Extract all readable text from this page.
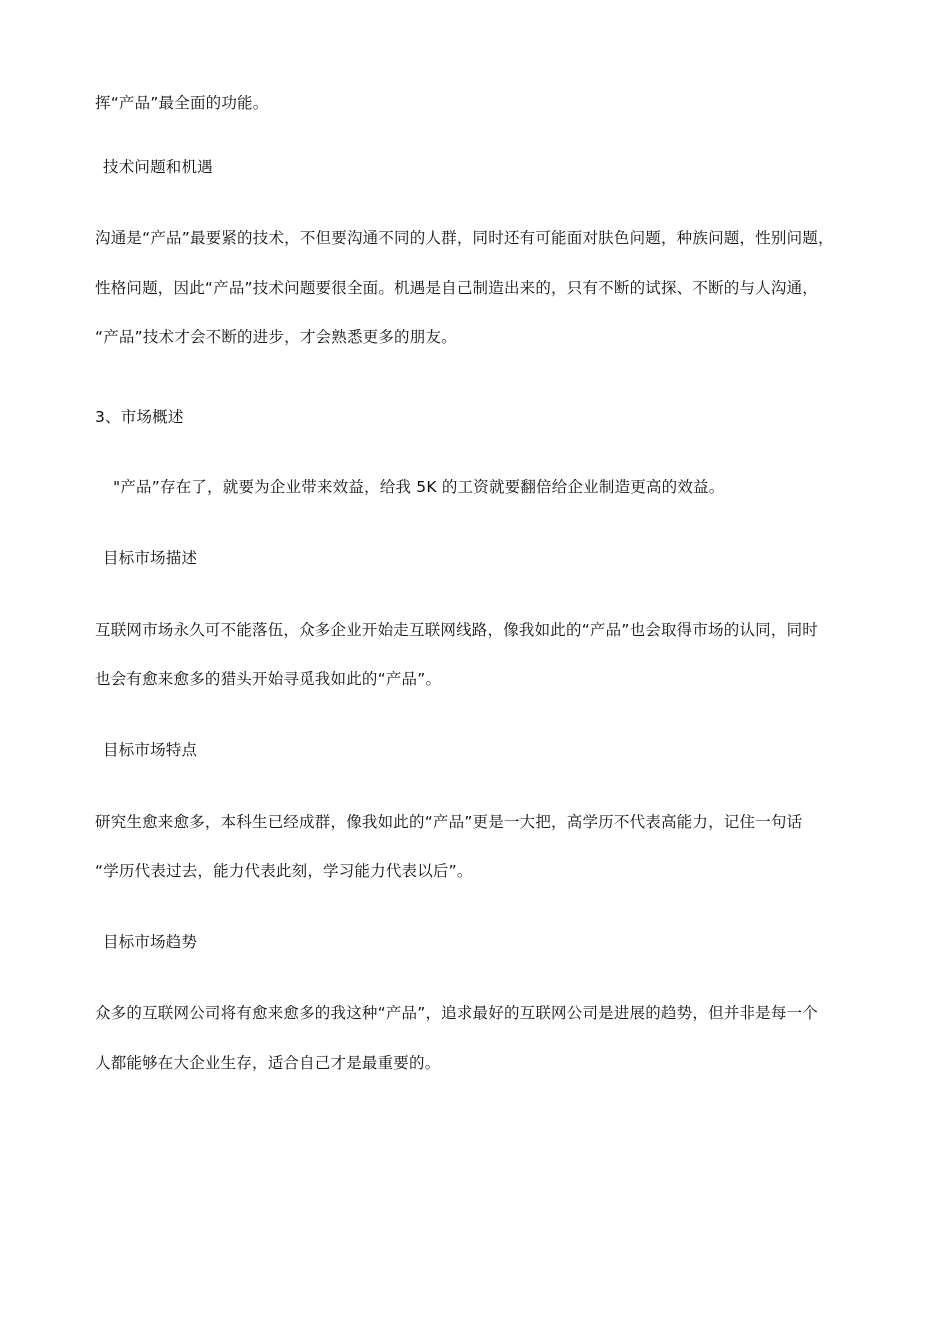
挥“产品”最全面的功能。

技术问题和机遇

沟通是“产品”最要紧的技术，不但要沟通不同的人群，同时还有可能面对肤色问题，种族问题，性别问题，

性格问题，因此“产品”技术问题要很全面。机遇是自己制造出来的，只有不断的试探、不断的与人沟通，

“产品”技术才会不断的进步，才会熟悉更多的朋友。

3、市场概述

"产品”存在了，就要为企业带来效益，给我 5K 的工资就要翻倍给企业制造更高的效益。

目标市场描述

互联网市场永久可不能落伍，众多企业开始走互联网线路，像我如此的“产品”也会取得市场的认同，同时

也会有愈来愈多的猎头开始寻觅我如此的“产品”。

目标市场特点

研究生愈来愈多，本科生已经成群，像我如此的“产品”更是一大把，高学历不代表高能力，记住一句话

“学历代表过去，能力代表此刻，学习能力代表以后”。

目标市场趋势

众多的互联网公司将有愈来愈多的我这种“产品”，追求最好的互联网公司是进展的趋势，但并非是每一个

人都能够在大企业生存，适合自己才是最重要的。
